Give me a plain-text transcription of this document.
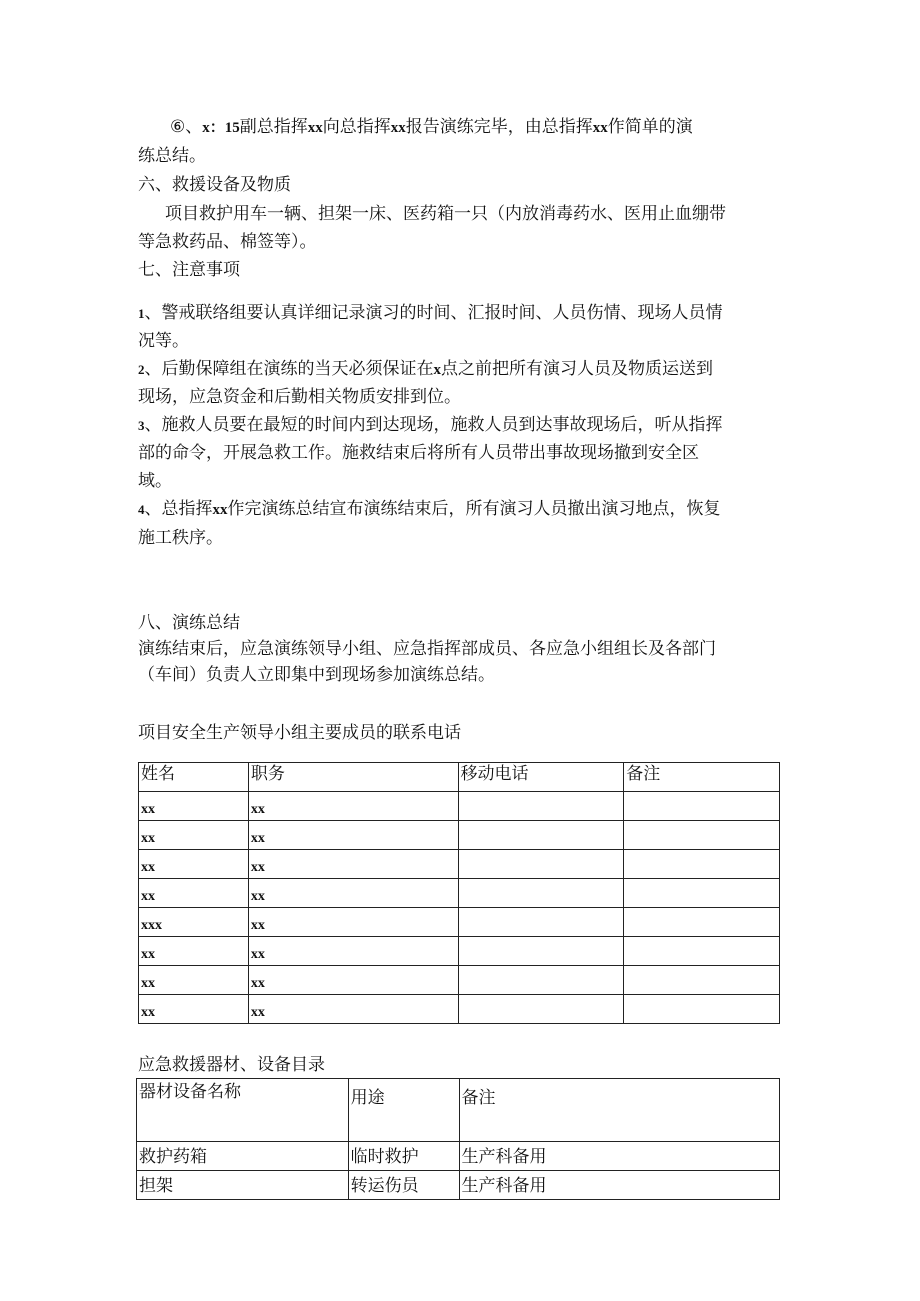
⑥、x：15副总指挥xx向总指挥xx报告演练完毕，由总指挥xx作简单的演
练总结。
六、救援设备及物质
项目救护用车一辆、担架一床、医药箱一只（内放消毒药水、医用止血绷带
等急救药品、棉签等）。
七、注意事项
1、警戒联络组要认真详细记录演习的时间、汇报时间、人员伤情、现场人员情
况等。
2、后勤保障组在演练的当天必须保证在x点之前把所有演习人员及物质运送到
现场，应急资金和后勤相关物质安排到位。
3、施救人员要在最短的时间内到达现场，施救人员到达事故现场后，听从指挥
部的命令，开展急救工作。施救结束后将所有人员带出事故现场撤到安全区
域。
4、总指挥xx作完演练总结宣布演练结束后，所有演习人员撤出演习地点，恢复
施工秩序。
八、演练总结
演练结束后，应急演练领导小组、应急指挥部成员、各应急小组组长及各部门
（车间）负责人立即集中到现场参加演练总结。
项目安全生产领导小组主要成员的联系电话
姓名	职务	移动电话	备注
xx	xx		
xx	xx		
xx	xx		
xx	xx		
xxx	xx		
xx	xx		
xx	xx		
xx	xx		
应急救援器材、设备目录
器材设备名称	用途	备注
救护药箱	临时救护	生产科备用
担架	转运伤员	生产科备用
